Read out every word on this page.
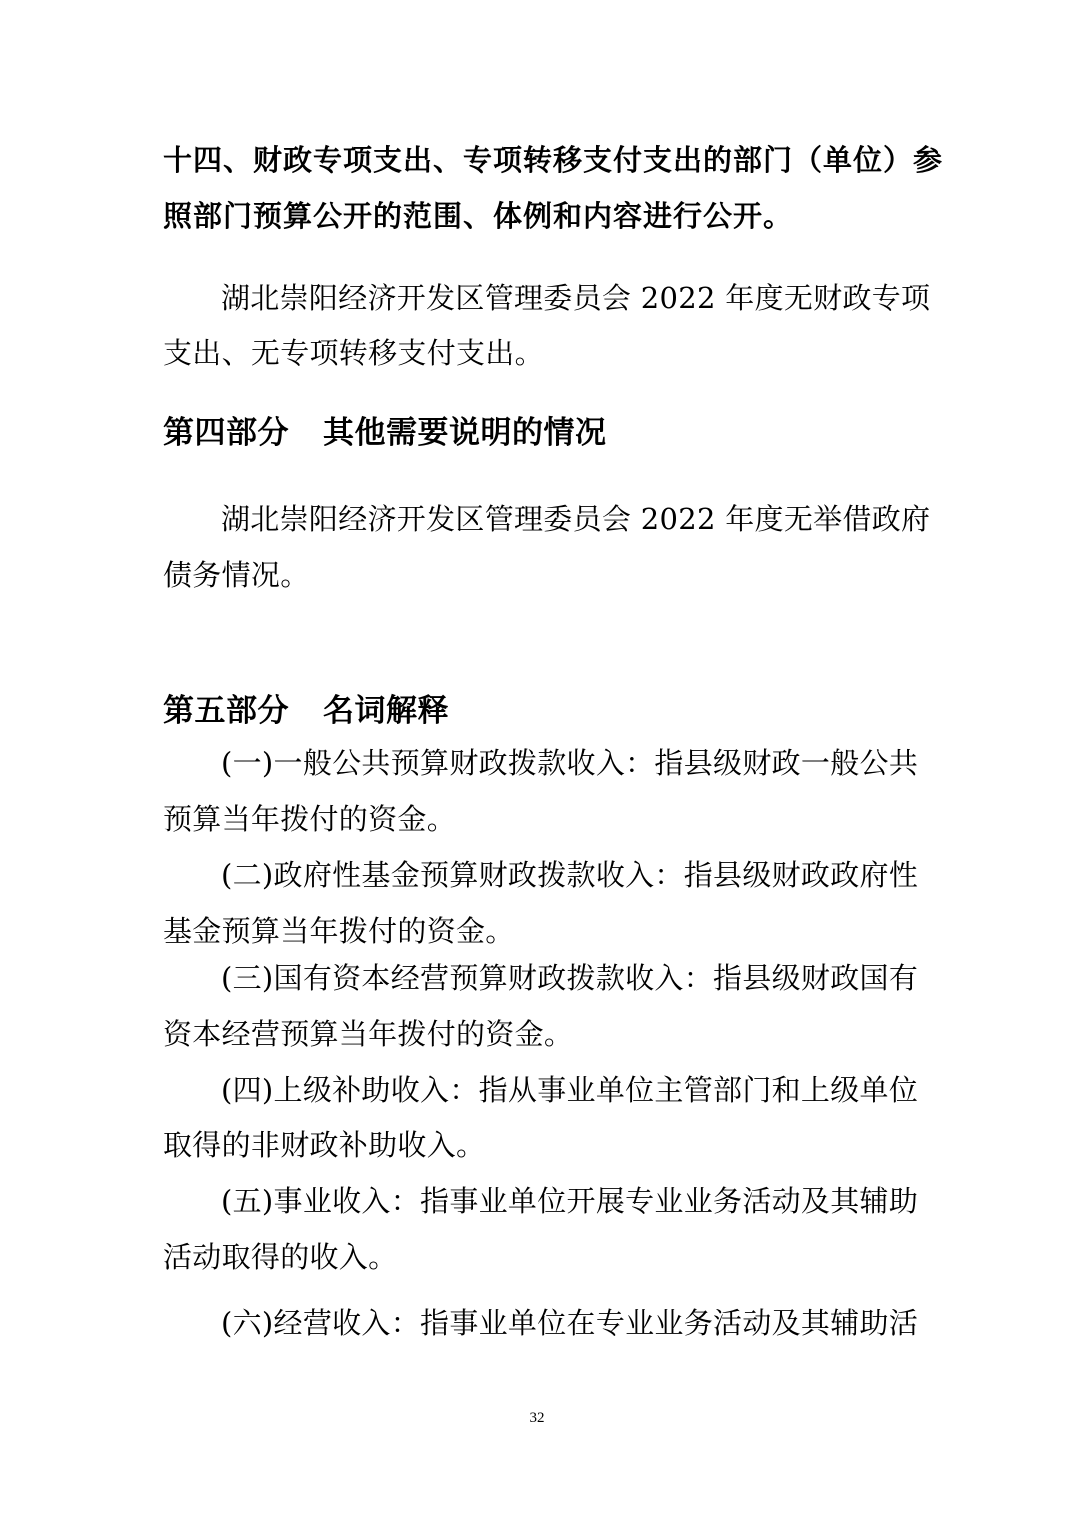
十四、财政专项支出、专项转移支付支出的部门（单位）参
照部门预算公开的范围、体例和内容进行公开。
湖北崇阳经济开发区管理委员会 2022 年度无财政专项
支出、无专项转移支付支出。
第四部分 其他需要说明的情况
湖北崇阳经济开发区管理委员会 2022 年度无举借政府
债务情况。
第五部分 名词解释
(一)一般公共预算财政拨款收入：指县级财政一般公共
预算当年拨付的资金。
(二)政府性基金预算财政拨款收入：指县级财政政府性
基金预算当年拨付的资金。
(三)国有资本经营预算财政拨款收入：指县级财政国有
资本经营预算当年拨付的资金。
(四)上级补助收入：指从事业单位主管部门和上级单位
取得的非财政补助收入。
(五)事业收入：指事业单位开展专业业务活动及其辅助
活动取得的收入。
(六)经营收入：指事业单位在专业业务活动及其辅助活
32
